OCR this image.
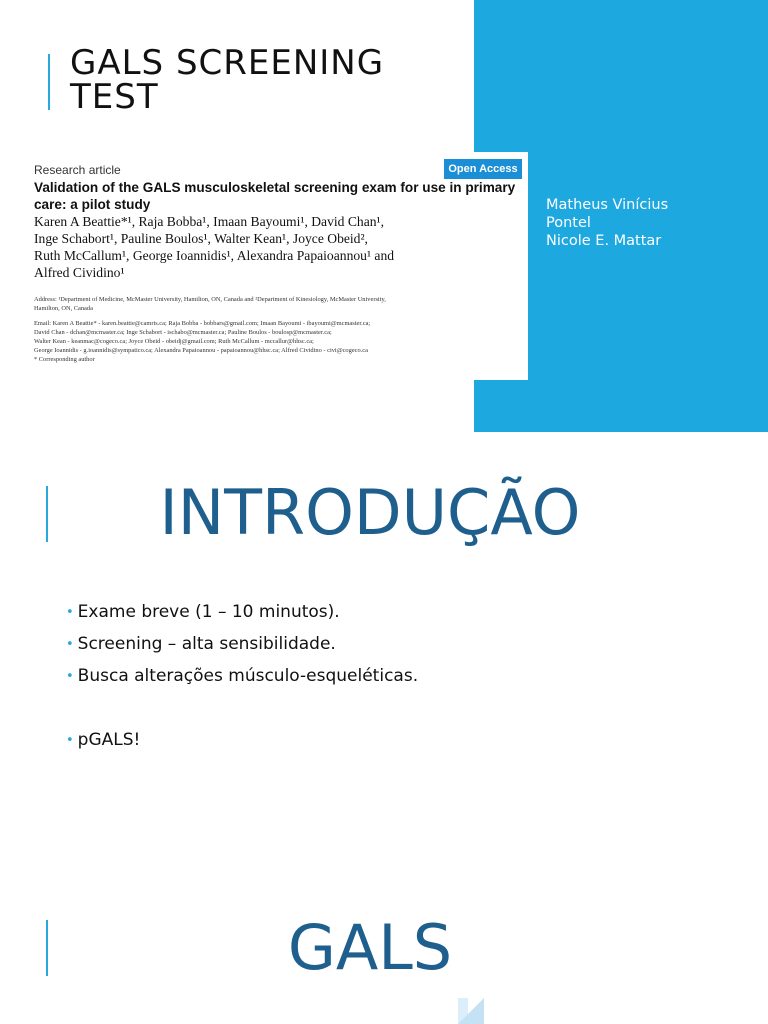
GALS SCREENING TEST
Research article	Open Access
Validation of the GALS musculoskeletal screening exam for use in primary care: a pilot study
Karen A Beattie*¹, Raja Bobba¹, Imaan Bayoumi¹, David Chan¹,
Inge Schabort¹, Pauline Boulos¹, Walter Kean¹, Joyce Obeid²,
Ruth McCallum¹, George Ioannidis¹, Alexandra Papaioannou¹ and
Alfred Cividino¹
Address: ¹Department of Medicine, McMaster University, Hamilton, ON, Canada and ²Department of Kinesiology, McMaster University,
Hamilton, ON, Canada
Email: Karen A Beattie* - karen.beattie@camris.ca; Raja Bobba - bobbars@gmail.com; Imaan Bayoumi - ibayoumi@mcmaster.ca;
David Chan - dchan@mcmaster.ca; Inge Schabort - ischabo@mcmaster.ca; Pauline Boulos - boulosp@mcmaster.ca;
Walter Kean - keanmac@cogeco.ca; Joyce Obeid - obeidj@gmail.com; Ruth McCallum - mccallur@hhsc.ca;
George Ioannidis - g.ioannidis@sympatico.ca; Alexandra Papaioannou - papaioannou@hhsc.ca; Alfred Cividino - civi@cogeco.ca
* Corresponding author
Matheus Vinícius
Pontel
Nicole E. Mattar
INTRODUÇÃO
• Exame breve (1 – 10 minutos).
• Screening – alta sensibilidade.
• Busca alterações músculo-esqueléticas.
• pGALS!
GALS
